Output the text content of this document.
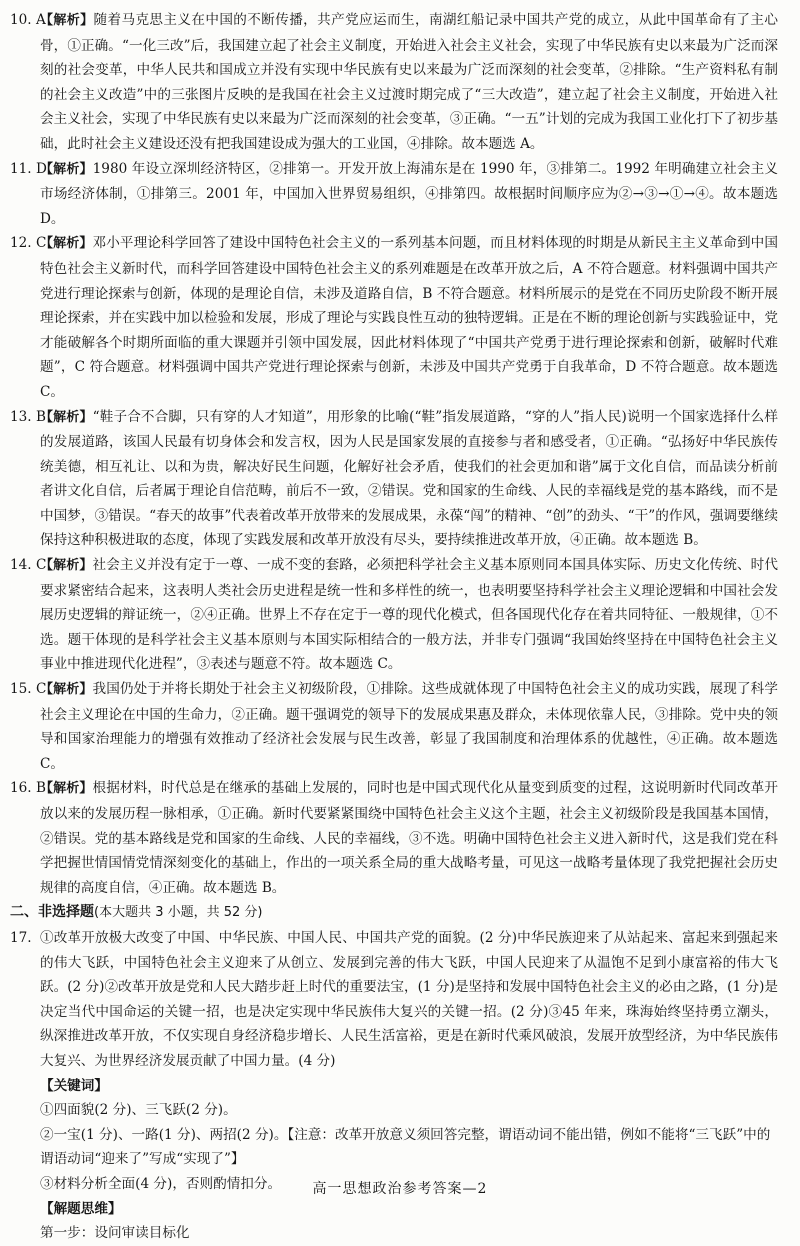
10. A
【解析】随着马克思主义在中国的不断传播，共产党应运而生，南湖红船记录中国共产党的成立，从此中国革命有了主心骨，①正确。“一化三改”后，我国建立起了社会主义制度，开始进入社会主义社会，实现了中华民族有史以来最为广泛而深刻的社会变革，中华人民共和国成立并没有实现中华民族有史以来最为广泛而深刻的社会变革，②排除。“生产资料私有制的社会主义改造”中的三张图片反映的是我国在社会主义过渡时期完成了“三大改造”，建立起了社会主义制度，开始进入社会主义社会，实现了中华民族有史以来最为广泛而深刻的社会变革，③正确。“一五”计划的完成为我国工业化打下了初步基础，此时社会主义建设还没有把我国建设成为强大的工业国，④排除。故本题选 A。
11. D
【解析】1980 年设立深圳经济特区，②排第一。开发开放上海浦东是在 1990 年，③排第二。1992 年明确建立社会主义市场经济体制，①排第三。2001 年，中国加入世界贸易组织，④排第四。故根据时间顺序应为②→③→①→④。故本题选 D。
12. C
【解析】邓小平理论科学回答了建设中国特色社会主义的一系列基本问题，而且材料体现的时期是从新民主主义革命到中国特色社会主义新时代，而科学回答建设中国特色社会主义的系列难题是在改革开放之后，A 不符合题意。材料强调中国共产党进行理论探索与创新，体现的是理论自信，未涉及道路自信，B 不符合题意。材料所展示的是党在不同历史阶段不断开展理论探索，并在实践中加以检验和发展，形成了理论与实践良性互动的独特逻辑。正是在不断的理论创新与实践验证中，党才能破解各个时期所面临的重大课题并引领中国发展，因此材料体现了“中国共产党勇于进行理论探索和创新，破解时代难题”，C 符合题意。材料强调中国共产党进行理论探索与创新，未涉及中国共产党勇于自我革命，D 不符合题意。故本题选 C。
13. B
【解析】“鞋子合不合脚，只有穿的人才知道”，用形象的比喻(“鞋”指发展道路，“穿的人”指人民)说明一个国家选择什么样的发展道路，该国人民最有切身体会和发言权，因为人民是国家发展的直接参与者和感受者，①正确。“弘扬好中华民族传统美德，相互礼让、以和为贵，解决好民生问题，化解好社会矛盾，使我们的社会更加和谐”属于文化自信，而品读分析前者讲文化自信，后者属于理论自信范畴，前后不一致，②错误。党和国家的生命线、人民的幸福线是党的基本路线，而不是中国梦，③错误。“春天的故事”代表着改革开放带来的发展成果，永葆“闯”的精神、“创”的劲头、“干”的作风，强调要继续保持这种积极进取的态度，体现了实践发展和改革开放没有尽头，要持续推进改革开放，④正确。故本题选 B。
14. C
【解析】社会主义并没有定于一尊、一成不变的套路，必须把科学社会主义基本原则同本国具体实际、历史文化传统、时代要求紧密结合起来，这表明人类社会历史进程是统一性和多样性的统一，也表明要坚持科学社会主义理论逻辑和中国社会发展历史逻辑的辩证统一，②④正确。世界上不存在定于一尊的现代化模式，但各国现代化存在着共同特征、一般规律，①不选。题干体现的是科学社会主义基本原则与本国实际相结合的一般方法，并非专门强调“我国始终坚持在中国特色社会主义事业中推进现代化进程”，③表述与题意不符。故本题选 C。
15. C
【解析】我国仍处于并将长期处于社会主义初级阶段，①排除。这些成就体现了中国特色社会主义的成功实践，展现了科学社会主义理论在中国的生命力，②正确。题干强调党的领导下的发展成果惠及群众，未体现依靠人民，③排除。党中央的领导和国家治理能力的增强有效推动了经济社会发展与民生改善，彰显了我国制度和治理体系的优越性，④正确。故本题选 C。
16. B
【解析】根据材料，时代总是在继承的基础上发展的，同时也是中国式现代化从量变到质变的过程，这说明新时代同改革开放以来的发展历程一脉相承，①正确。新时代要紧紧围绕中国特色社会主义这个主题，社会主义初级阶段是我国基本国情，②错误。党的基本路线是党和国家的生命线、人民的幸福线，③不选。明确中国特色社会主义进入新时代，这是我们党在科学把握世情国情党情深刻变化的基础上，作出的一项关系全局的重大战略考量，可见这一战略考量体现了我党把握社会历史规律的高度自信，④正确。故本题选 B。
二、非选择题(本大题共 3 小题，共 52 分)
17. ①改革开放极大改变了中国、中华民族、中国人民、中国共产党的面貌。(2 分)中华民族迎来了从站起来、富起来到强起来的伟大飞跃，中国特色社会主义迎来了从创立、发展到完善的伟大飞跃，中国人民迎来了从温饱不足到小康富裕的伟大飞跃。(2 分)②改革开放是党和人民大踏步赶上时代的重要法宝，(1 分)是坚持和发展中国特色社会主义的必由之路，(1 分)是决定当代中国命运的关键一招，也是决定实现中华民族伟大复兴的关键一招。(2 分)③45 年来，珠海始终坚持勇立潮头，纵深推进改革开放，不仅实现自身经济稳步增长、人民生活富裕，更是在新时代乘风破浪，发展开放型经济，为中华民族伟大复兴、为世界经济发展贡献了中国力量。(4 分)
【关键词】
①四面貌(2 分)、三飞跃(2 分)。
②一宝(1 分)、一路(1 分)、两招(2 分)。【注意：改革开放意义须回答完整，谓语动词不能出错，例如不能将“三飞跃”中的谓语动词“迎来了”写成“实现了”】
③材料分析全面(4 分)，否则酌情扣分。
【解题思维】
第一步：设问审读目标化
高一思想政治参考答案—2
